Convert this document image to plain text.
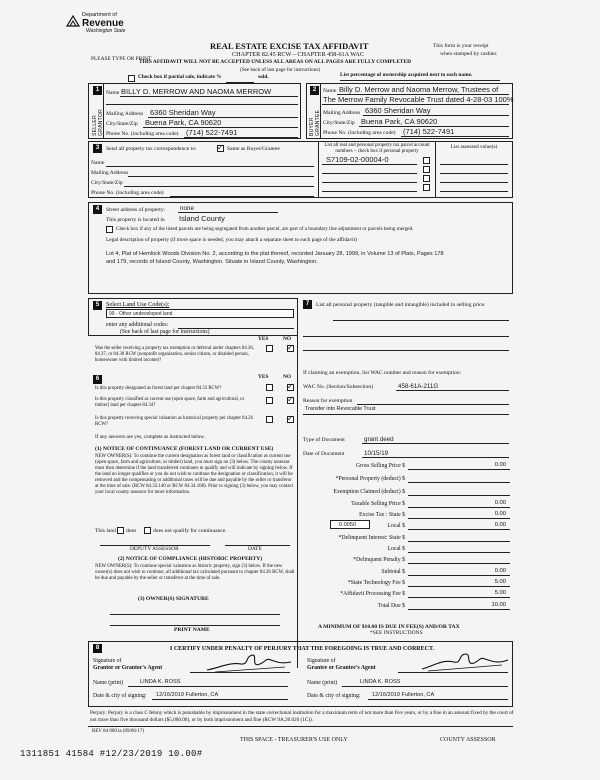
Department of
Revenue
Washington State
REAL ESTATE EXCISE TAX AFFIDAVIT
CHAPTER 82.45 RCW – CHAPTER 458-61A WAC
THIS AFFIDAVIT WILL NOT BE ACCEPTED UNLESS ALL AREAS ON ALL PAGES ARE FULLY COMPLETED
PLEASE TYPE OR PRINT
This form is your receipt
when stamped by cashier.
(See back of last page for instructions)
Check box if partial sale, indicate %	sold.	List percentage of ownership acquired next to each name.
1	2
SELLER GRANTOR	BUYER GRANTEE
Name BILLY D. MERROW AND NAOMA MERROW
Mailing Address 6360 Sheridan Way
City/State/Zip Buena Park, CA 90620
Phone No. (including area code) (714) 522-7491
Name Billy D. Merrow and Naoma Merrow, Trustees of
The Merrow Family Revocable Trust dated 4-28-03 100%
Mailing Address 6360 Sheridan Way
City/State/Zip Buena Park, CA 90620
Phone No. (including area code) (714) 522-7491
3	Send all property tax correspondence to: ✓	Same as Buyer/Grantee
Name
Mailing Address
City/State/Zip
Phone No. (including area code)
List all real and personal property tax parcel account
numbers – check box if personal property
List assessed value(s)
S7109-02-00004-0
4	Street address of property: none
This property is located in Island County
Check box if any of the listed parcels are being segregated from another parcel, are part of a boundary line adjustment or parcels being merged.
Legal description of property (if more space is needed, you may attach a separate sheet to each page of the affidavit)
Lot 4, Plat of Hemlock Woods Division No. 2, according to the plat thereof, recorded January 28, 1999, in Volume 13 of Plats, Pages 178
and 179, records of Island County, Washington. Situate in Island County, Washington.
5	Select Land Use Code(s):
99 - Other undeveloped land
enter any additional codes:
(See back of last page for instructions)
YES	NO
Was the seller receiving a property tax exemption or deferral under chapters 84.36, 84.37, or 84.38 RCW (nonprofit organization, senior citizen, or disabled person, homeowner with limited income)?
✓
6	YES	NO
Is this property designated as forest land per chapter 84.33 RCW?
✓
Is this property classified as current use (open space, farm and agricultural, or timber) land per chapter 84.34?
✓
Is this property receiving special valuation as historical property per chapter 84.26 RCW?
✓
If any answers are yes, complete as instructed below.
(1) NOTICE OF CONTINUANCE (FOREST LAND OR CURRENT USE)
NEW OWNER(S): To continue the current designation as forest land or classification as current use (open space, farm and agriculture, or timber) land, you must sign on (3) below. The county assessor must then determine if the land transferred continues to qualify and will indicate by signing below. If the land no longer qualifies or you do not wish to continue the designation or classification, it will be removed and the compensating or additional taxes will be due and payable by the seller or transferor at the time of sale. (RCW 84.33.140 or RCW 84.34.108). Prior to signing (3) below, you may contact your local county assessor for more information.
This land does	does not qualify for continuance.
DEPUTY ASSESSOR	DATE
(2) NOTICE OF COMPLIANCE (HISTORIC PROPERTY)
NEW OWNER(S): To continue special valuation as historic property, sign (3) below. If the new owner(s) does not wish to continue, all additional tax calculated pursuant to chapter 84.26 RCW, shall be due and payable by the seller or transferor at the time of sale.
(3) OWNER(S) SIGNATURE
PRINT NAME
7	List all personal property (tangible and intangible) included in selling price.
If claiming an exemption, list WAC number and reason for exemption:
WAC No. (Section/Subsection)	458-61A-211G
Reason for exemption
Transfer into Revocable Trust
Type of Document	grant deed
Date of Document	10/15/19
Gross Selling Price $	0.00
*Personal Property (deduct) $
Exemption Claimed (deduct) $
Taxable Selling Price $	0.00
Excise Tax : State $	0.00
0.0050	Local $	0.00
*Delinquent Interest: State $
Local $
*Delinquent Penalty $
Subtotal $	0.00
*State Technology Fee $	5.00
*Affidavit Processing Fee $	5.00
Total Due $	10.00
A MINIMUM OF $10.00 IS DUE IN FEE(S) AND/OR TAX
*SEE INSTRUCTIONS
8	I CERTIFY UNDER PENALTY OF PERJURY THAT THE FOREGOING IS TRUE AND CORRECT.
Signature of
Grantor or Grantor's Agent
Signature of
Grantee or Grantee's Agent
Name (print)	LINDA K. ROSS	Name (print)	LINDA K. ROSS
Date & city of signing: 12/16/2019 Fullerton, CA	Date & city of signing: 12/16/2019 Fullerton, CA
Perjury: Perjury is a class C felony which is punishable by imprisonment in the state correctional institution for a maximum term of not more than five years, or by a fine in an amount fixed by the court of not more than five thousand dollars ($5,000.00), or by both imprisonment and fine (RCW 9A.20.020 (1C)).
REV 84 0001a (09/06/17)
THIS SPACE - TREASURER'S USE ONLY	COUNTY ASSESSOR
1311851 41584 #12/23/2019 10.00#
